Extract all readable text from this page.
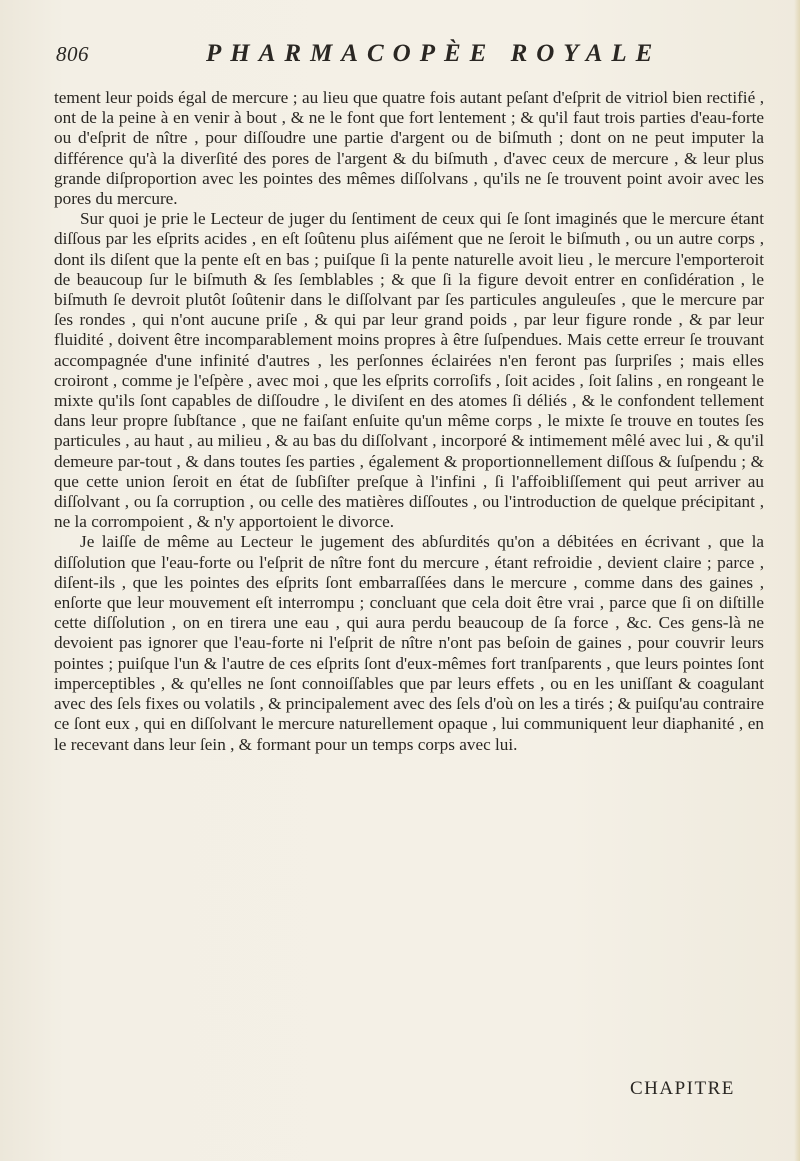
806	PHARMACOPÈE ROYALE

tement leur poids égal de mercure ; au lieu que quatre fois autant peſant d'eſprit de vitriol bien rectifié , ont de la peine à en venir à bout , & ne le font que fort lentement ; & qu'il faut trois parties d'eau-forte ou d'eſprit de nître , pour diſſoudre une partie d'argent ou de biſmuth ; dont on ne peut imputer la différence qu'à la diverſité des pores de l'argent & du biſmuth , d'avec ceux de mercure , & leur plus grande diſproportion avec les pointes des mêmes diſſolvans , qu'ils ne ſe trouvent point avoir avec les pores du mercure.

Sur quoi je prie le Lecteur de juger du ſentiment de ceux qui ſe ſont imaginés que le mercure étant diſſous par les eſprits acides , en eſt ſoûtenu plus aiſément que ne ſeroit le biſmuth , ou un autre corps , dont ils diſent que la pente eſt en bas ; puiſque ſi la pente naturelle avoit lieu , le mercure l'emporteroit de beaucoup ſur le biſmuth & ſes ſemblables ; & que ſi la figure devoit entrer en conſidération , le biſmuth ſe devroit plutôt ſoûtenir dans le diſſolvant par ſes particules anguleuſes , que le mercure par ſes rondes , qui n'ont aucune priſe , & qui par leur grand poids , par leur figure ronde , & par leur fluidité , doivent être incomparablement moins propres à être ſuſpendues. Mais cette erreur ſe trouvant accompagnée d'une infinité d'autres , les perſonnes éclairées n'en feront pas ſurpriſes ; mais elles croiront , comme je l'eſpère , avec moi , que les eſprits corroſifs , ſoit acides , ſoit ſalins , en rongeant le mixte qu'ils ſont capables de diſſoudre , le diviſent en des atomes ſi déliés , & le confondent tellement dans leur propre ſubſtance , que ne faiſant enſuite qu'un même corps , le mixte ſe trouve en toutes ſes particules , au haut , au milieu , & au bas du diſſolvant , incorporé & intimement mêlé avec lui , & qu'il demeure par-tout , & dans toutes ſes parties , également & proportionnellement diſſous & ſuſpendu ; & que cette union ſeroit en état de ſubſiſter preſque à l'infini , ſi l'affoibliſſement qui peut arriver au diſſolvant , ou ſa corruption , ou celle des matières diſſoutes , ou l'introduction de quelque précipitant , ne la corrompoient , & n'y apportoient le divorce.

Je laiſſe de même au Lecteur le jugement des abſurdités qu'on a débitées en écrivant , que la diſſolution que l'eau-forte ou l'eſprit de nître font du mercure , étant refroidie , devient claire ; parce , diſent-ils , que les pointes des eſprits ſont embarraſſées dans le mercure , comme dans des gaines , enſorte que leur mouvement eſt interrompu ; concluant que cela doit être vrai , parce que ſi on diſtille cette diſſolution , on en tirera une eau , qui aura perdu beaucoup de ſa force , &c. Ces gens-là ne devoient pas ignorer que l'eau-forte ni l'eſprit de nître n'ont pas beſoin de gaines , pour couvrir leurs pointes ; puiſque l'un & l'autre de ces eſprits ſont d'eux-mêmes fort tranſparents , que leurs pointes ſont imperceptibles , & qu'elles ne ſont connoiſſables que par leurs effets , ou en les uniſſant & coagulant avec des ſels fixes ou volatils , & principalement avec des ſels d'où on les a tirés ; & puiſqu'au contraire ce ſont eux , qui en diſſolvant le mercure naturellement opaque , lui communiquent leur diaphanité , en le recevant dans leur ſein , & formant pour un temps corps avec lui.

CHAPITRE
